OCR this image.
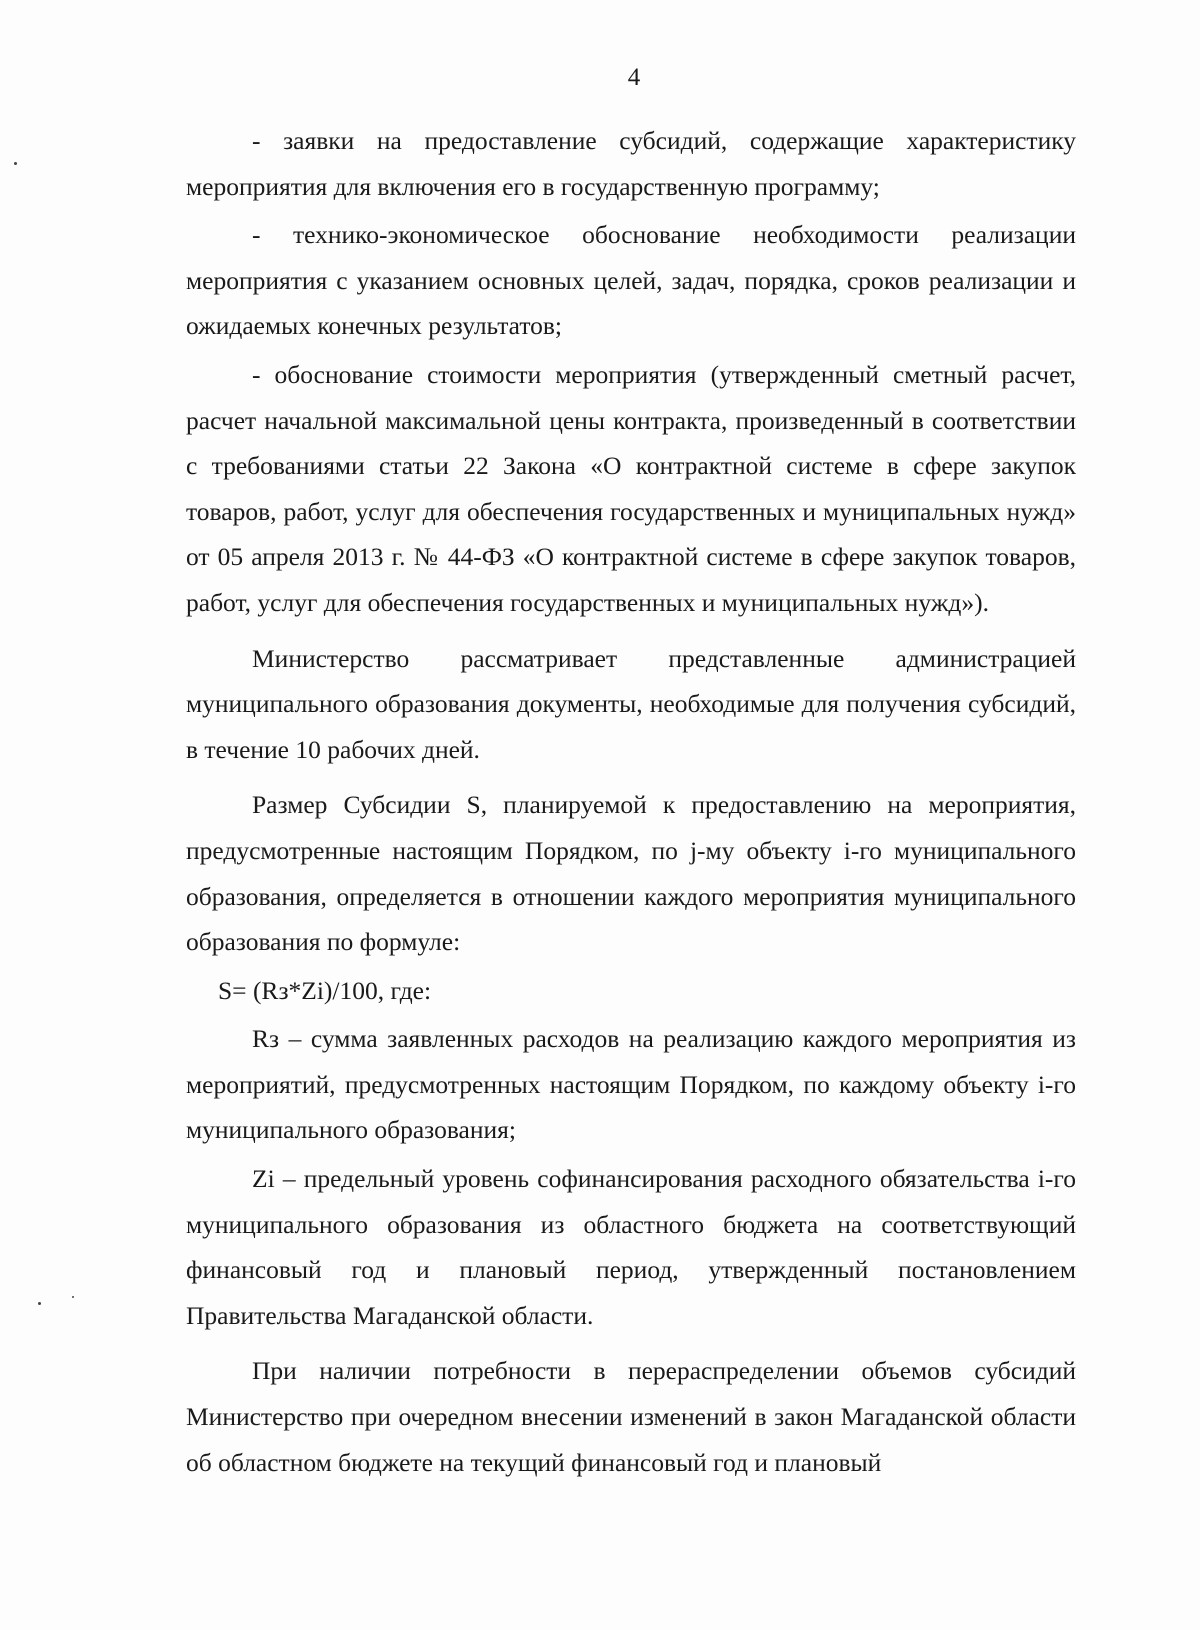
4

- заявки на предоставление субсидий, содержащие характеристику мероприятия для включения его в государственную программу;

- технико-экономическое обоснование необходимости реализации мероприятия с указанием основных целей, задач, порядка, сроков реализации и ожидаемых конечных результатов;

- обоснование стоимости мероприятия (утвержденный сметный расчет, расчет начальной максимальной цены контракта, произведенный в соответствии с требованиями статьи 22 Закона «О контрактной системе в сфере закупок товаров, работ, услуг для обеспечения государственных и муниципальных нужд» от 05 апреля 2013 г. № 44-ФЗ «О контрактной системе в сфере закупок товаров, работ, услуг для обеспечения государственных и муниципальных нужд»).

Министерство рассматривает представленные администрацией муниципального образования документы, необходимые для получения субсидий, в течение 10 рабочих дней.

Размер Субсидии S, планируемой к предоставлению на мероприятия, предусмотренные настоящим Порядком, по j-му объекту i-го муниципального образования, определяется в отношении каждого мероприятия муниципального образования по формуле:

S= (Rз*Zi)/100, где:

Rз – сумма заявленных расходов на реализацию каждого мероприятия из мероприятий, предусмотренных настоящим Порядком, по каждому объекту i-го муниципального образования;

Zi – предельный уровень софинансирования расходного обязательства i-го муниципального образования из областного бюджета на соответствующий финансовый год и плановый период, утвержденный постановлением Правительства Магаданской области.

При наличии потребности в перераспределении объемов субсидий Министерство при очередном внесении изменений в закон Магаданской области об областном бюджете на текущий финансовый год и плановый
